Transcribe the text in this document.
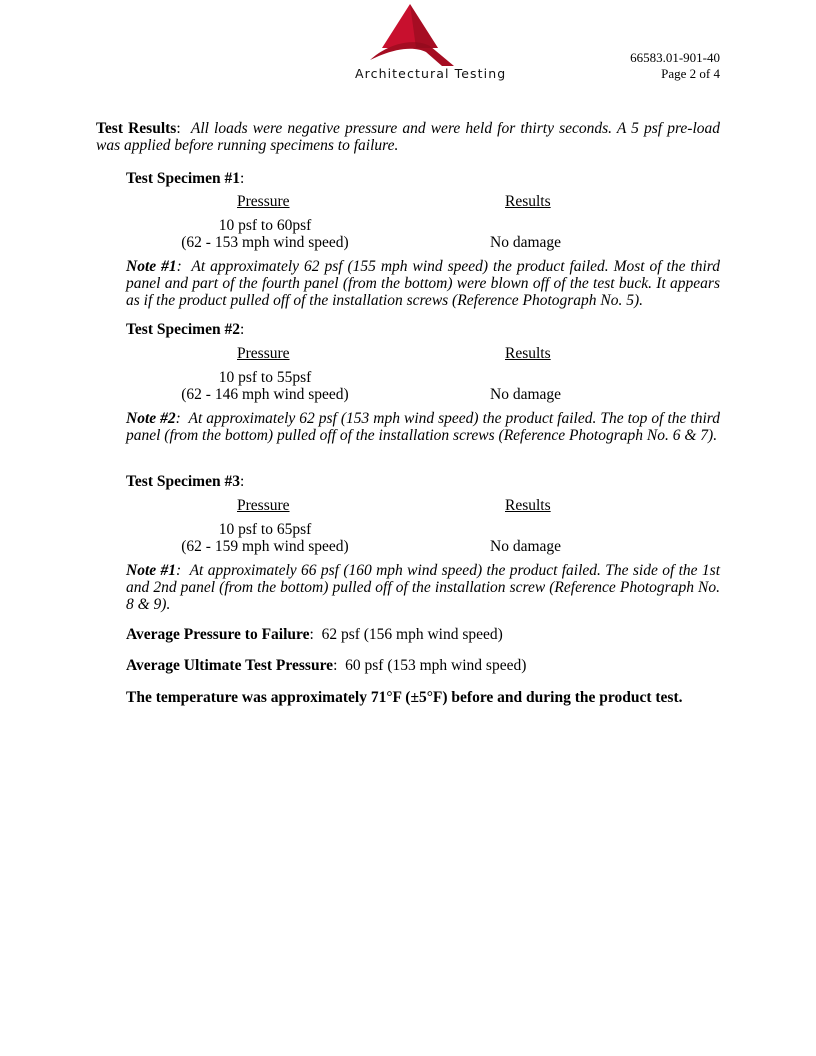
Architectural Testing
66583.01-901-40
Page 2 of 4
Test Results:  All loads were negative pressure and were held for thirty seconds. A 5 psf pre-load was applied before running specimens to failure.
Test Specimen #1:
Pressure	Results
10 psf to 60psf
(62 - 153 mph wind speed)	No damage
Note #1:  At approximately 62 psf (155 mph wind speed) the product failed. Most of the third panel and part of the fourth panel (from the bottom) were blown off of the test buck. It appears as if the product pulled off of the installation screws (Reference Photograph No. 5).
Test Specimen #2:
Pressure	Results
10 psf to 55psf
(62 - 146 mph wind speed)	No damage
Note #2:  At approximately 62 psf (153 mph wind speed) the product failed. The top of the third panel (from the bottom) pulled off of the installation screws (Reference Photograph No. 6 & 7).
Test Specimen #3:
Pressure	Results
10 psf to 65psf
(62 - 159 mph wind speed)	No damage
Note #1:  At approximately 66 psf (160 mph wind speed) the product failed. The side of the 1st and 2nd panel (from the bottom) pulled off of the installation screw (Reference Photograph No. 8 & 9).
Average Pressure to Failure:  62 psf (156 mph wind speed)
Average Ultimate Test Pressure:  60 psf (153 mph wind speed)
The temperature was approximately 71°F (±5°F) before and during the product test.
